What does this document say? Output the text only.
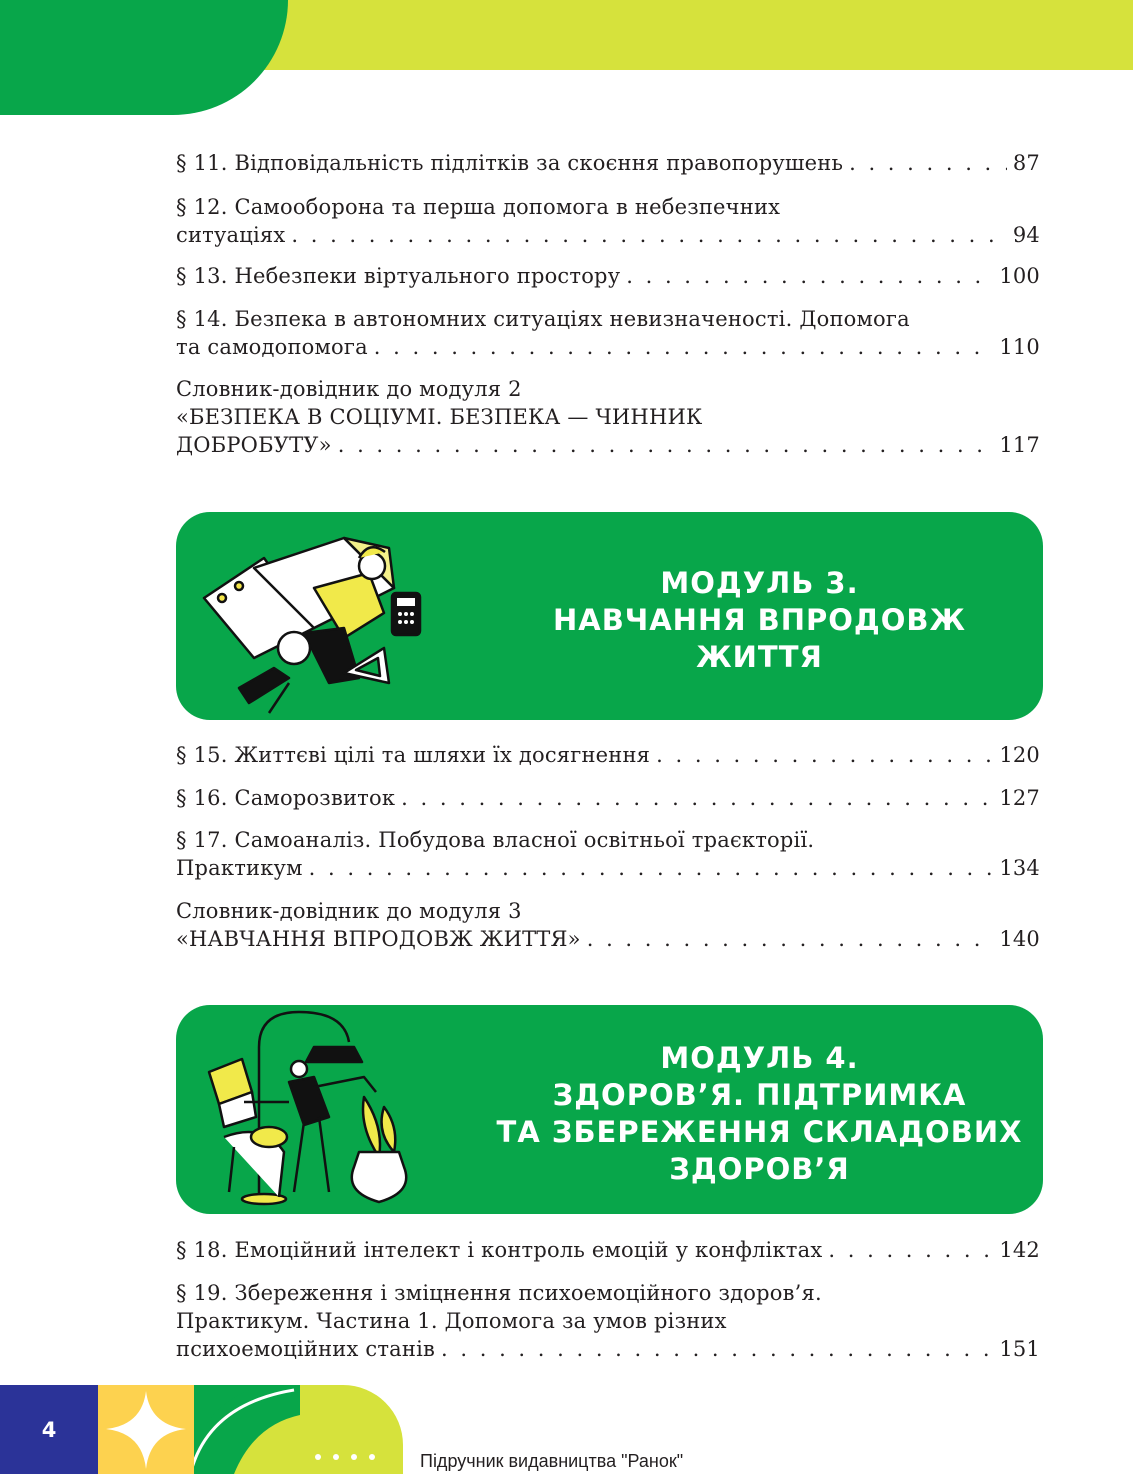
§ 11. Відповідальність підлітків за скоєння правопорушень . . .	87
§ 12. Самооборона та перша допомога в небезпечних
ситуаціях . . .	94
§ 13. Небезпеки віртуального простору . . .	100
§ 14. Безпека в автономних ситуаціях невизначеності. Допомога
та самодопомога . . .	110
Словник-довідник до модуля 2
«БЕЗПЕКА В СОЦІУМІ. БЕЗПЕКА — ЧИННИК
ДОБРОБУТУ» . . .	117
МОДУЛЬ 3.
НАВЧАННЯ ВПРОДОВЖ
ЖИТТЯ
§ 15. Життєві цілі та шляхи їх досягнення . . .	120
§ 16. Саморозвиток . . .	127
§ 17. Самоаналіз. Побудова власної освітньої траєкторії.
Практикум . . .	134
Словник-довідник до модуля 3
«НАВЧАННЯ ВПРОДОВЖ ЖИТТЯ» . . .	140
МОДУЛЬ 4.
ЗДОРОВ’Я. ПІДТРИМКА
ТА ЗБЕРЕЖЕННЯ СКЛАДОВИХ
ЗДОРОВ’Я
§ 18. Емоційний інтелект і контроль емоцій у конфліктах . . .	142
§ 19. Збереження і зміцнення психоемоційного здоров’я.
Практикум. Частина 1. Допомога за умов різних
психоемоційних станів . . .	151
4
Підручник видавництва "Ранок"
